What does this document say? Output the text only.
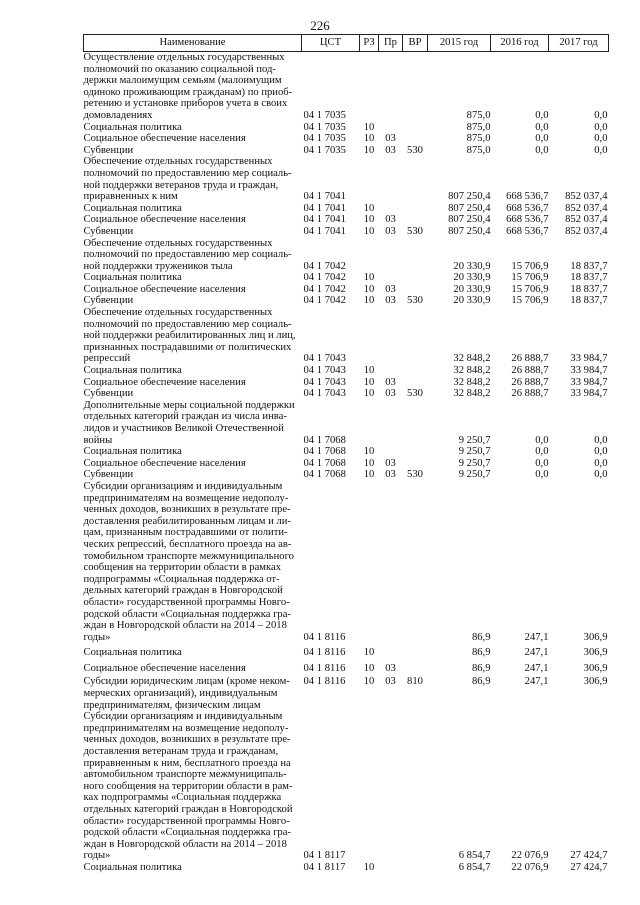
226
Наименование	ЦСТ	РЗ	Пр	ВР	2015 год	2016 год	2017 год
Осуществление отдельных государственных полномочий по оказанию социальной поддержки малоимущим семьям (малоимущим одиноко проживающим гражданам) по приобретению и установке приборов учета в своих домовладениях	04 1 7035				875,0	0,0	0,0
Социальная политика	04 1 7035	10			875,0	0,0	0,0
Социальное обеспечение населения	04 1 7035	10	03		875,0	0,0	0,0
Субвенции	04 1 7035	10	03	530	875,0	0,0	0,0
Обеспечение отдельных государственных полномочий по предоставлению мер социальной поддержки ветеранов труда и граждан, приравненных к ним	04 1 7041				807 250,4	668 536,7	852 037,4
Социальная политика	04 1 7041	10			807 250,4	668 536,7	852 037,4
Социальное обеспечение населения	04 1 7041	10	03		807 250,4	668 536,7	852 037,4
Субвенции	04 1 7041	10	03	530	807 250,4	668 536,7	852 037,4
Обеспечение отдельных государственных полномочий по предоставлению мер социальной поддержки тружеников тыла	04 1 7042				20 330,9	15 706,9	18 837,7
Социальная политика	04 1 7042	10			20 330,9	15 706,9	18 837,7
Социальное обеспечение населения	04 1 7042	10	03		20 330,9	15 706,9	18 837,7
Субвенции	04 1 7042	10	03	530	20 330,9	15 706,9	18 837,7
Обеспечение отдельных государственных полномочий по предоставлению мер социальной поддержки реабилитированных лиц и лиц, признанных пострадавшими от политических репрессий	04 1 7043				32 848,2	26 888,7	33 984,7
Социальная политика	04 1 7043	10			32 848,2	26 888,7	33 984,7
Социальное обеспечение населения	04 1 7043	10	03		32 848,2	26 888,7	33 984,7
Субвенции	04 1 7043	10	03	530	32 848,2	26 888,7	33 984,7
Дополнительные меры социальной поддержки отдельных категорий граждан из числа инвалидов и участников Великой Отечественной войны	04 1 7068				9 250,7	0,0	0,0
Социальная политика	04 1 7068	10			9 250,7	0,0	0,0
Социальное обеспечение населения	04 1 7068	10	03		9 250,7	0,0	0,0
Субвенции	04 1 7068	10	03	530	9 250,7	0,0	0,0
Субсидии организациям и индивидуальным предпринимателям на возмещение недополученных доходов, возникших в результате предоставления реабилитированным лицам и лицам, признанным пострадавшими от политических репрессий, бесплатного проезда на автомобильном транспорте межмуниципального сообщения на территории области в рамках подпрограммы «Социальная поддержка отдельных категорий граждан в Новгородской области» государственной программы Новгородской области «Социальная поддержка граждан в Новгородской области на 2014 – 2018 годы»	04 1 8116				86,9	247,1	306,9
Социальная политика	04 1 8116	10			86,9	247,1	306,9
Социальное обеспечение населения	04 1 8116	10	03		86,9	247,1	306,9
Субсидии юридическим лицам (кроме некоммерческих организаций), индивидуальным предпринимателям, физическим лицам	04 1 8116	10	03	810	86,9	247,1	306,9
Субсидии организациям и индивидуальным предпринимателям на возмещение недополученных доходов, возникших в результате предоставления ветеранам труда и гражданам, приравненным к ним, бесплатного проезда на автомобильном транспорте межмуниципального сообщения на территории области в рамках подпрограммы «Социальная поддержка отдельных категорий граждан в Новгородской области» государственной программы Новгородской области «Социальная поддержка граждан в Новгородской области на 2014 – 2018 годы»	04 1 8117				6 854,7	22 076,9	27 424,7
Социальная политика	04 1 8117	10			6 854,7	22 076,9	27 424,7
